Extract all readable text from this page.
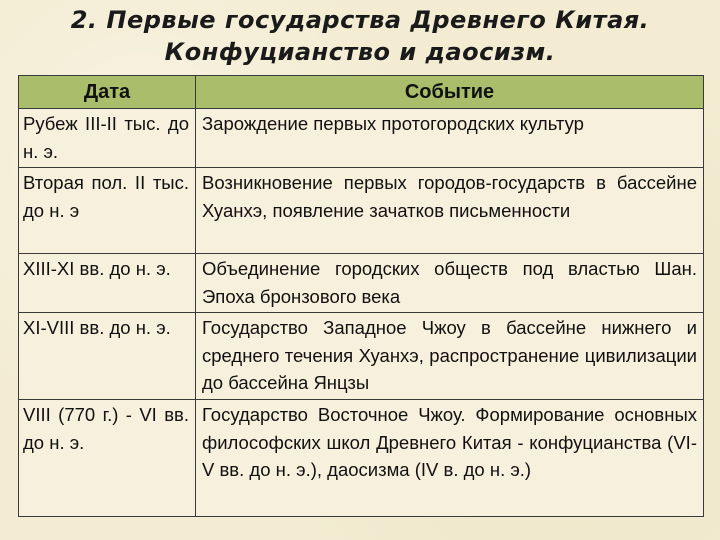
2. Первые государства Древнего Китая.
Конфуцианство и даосизм.
Дата	Событие
Рубеж III-II тыс. до н. э.	Зарождение первых протогородских культур
Вторая пол. II тыс. до н. э	Возникновение первых городов-государств в бассейне Хуанхэ, появление зачатков письменности
XIII-XI вв. до н. э.	Объединение городских обществ под властью Шан. Эпоха бронзового века
XI-VIII вв. до н. э.	Государство Западное Чжоу в бассейне нижнего и среднего течения Хуанхэ, распространение цивилизации до бассейна Янцзы
VIII (770 г.) - VI вв. до н. э.	Государство Восточное Чжоу. Формирование основных философских школ Древнего Китая - конфуцианства (VI-V вв. до н. э.), даосизма (IV в. до н. э.)
